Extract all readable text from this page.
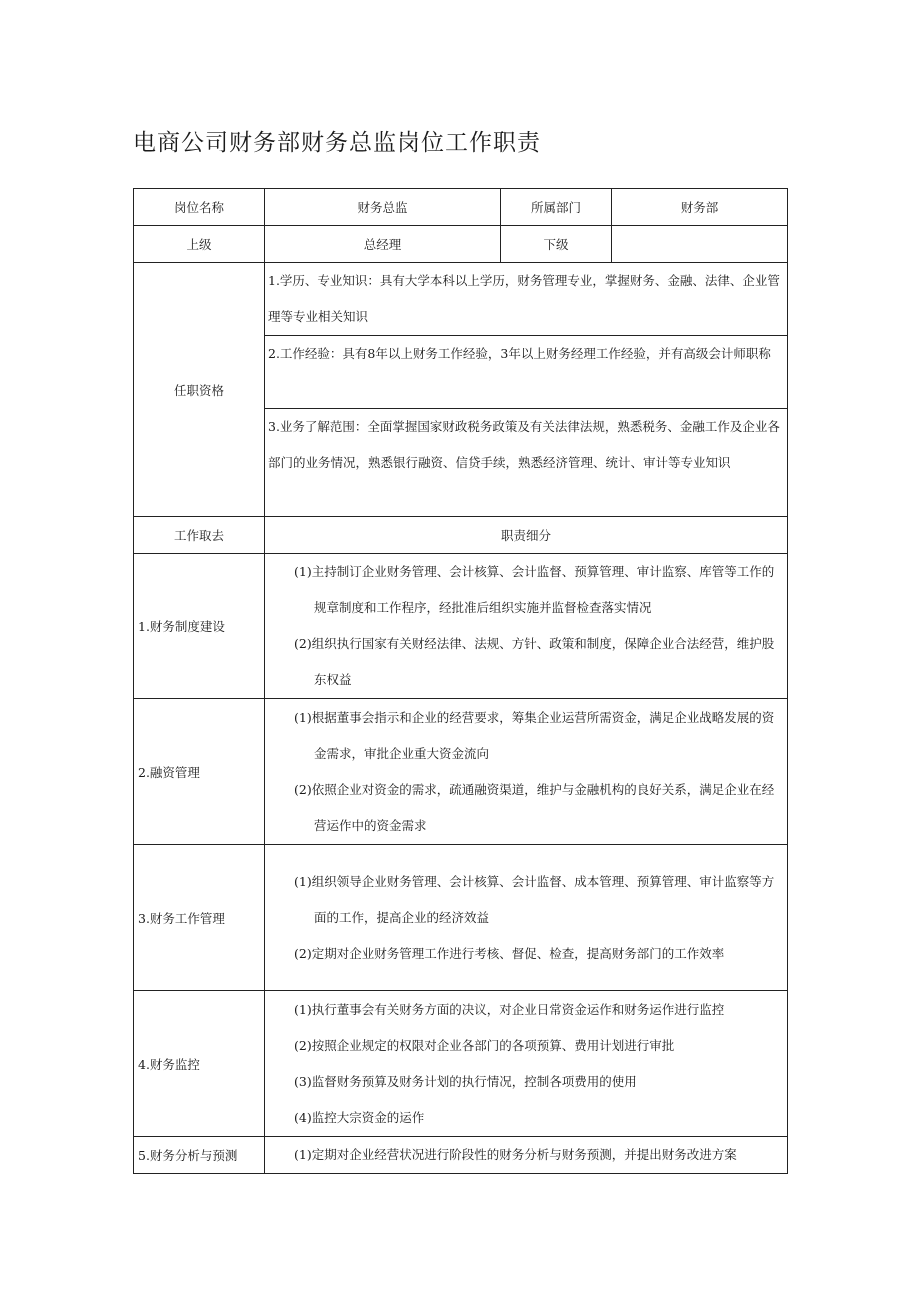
电商公司财务部财务总监岗位工作职责
岗位名称	财务总监	所属部门	财务部
上级	总经理	下级	
任职资格	1.学历、专业知识：具有大学本科以上学历，财务管理专业，掌握财务、金融、法律、企业管理等专业相关知识
2.工作经验：具有8年以上财务工作经验，3年以上财务经理工作经验，并有高级会计师职称
3.业务了解范围：全面掌握国家财政税务政策及有关法律法规，熟悉税务、金融工作及企业各部门的业务情况，熟悉银行融资、信贷手续，熟悉经济管理、统计、审计等专业知识		

工作取去	职责细分		
1.财务制度建设	(1)主持制订企业财务管理、会计核算、会计监督、预算管理、审计监察、库管等工作的规章制度和工作程序，经批准后组织实施并监督检查落实情况
(2)组织执行国家有关财经法律、法规、方针、政策和制度，保障企业合法经营，维护股东权益		

2.融资管理	(1)根据董事会指示和企业的经营要求，筹集企业运营所需资金，满足企业战略发展的资金需求，审批企业重大资金流向
(2)依照企业对资金的需求，疏通融资渠道，维护与金融机构的良好关系，满足企业在经营运作中的资金需求		

3.财务工作管理	(1)组织领导企业财务管理、会计核算、会计监督、成本管理、预算管理、审计监察等方面的工作，提高企业的经济效益
(2)定期对企业财务管理工作进行考核、督促、检查，提高财务部门的工作效率		

4.财务监控	(1)执行董事会有关财务方面的决议，对企业日常资金运作和财务运作进行监控
(2)按照企业规定的权限对企业各部门的各项预算、费用计划进行审批
(3)监督财务预算及财务计划的执行情况，控制各项费用的使用
(4)监控大宗资金的运作		

5.财务分析与预测	(1)定期对企业经营状况进行阶段性的财务分析与财务预测，并提出财务改进方案		
